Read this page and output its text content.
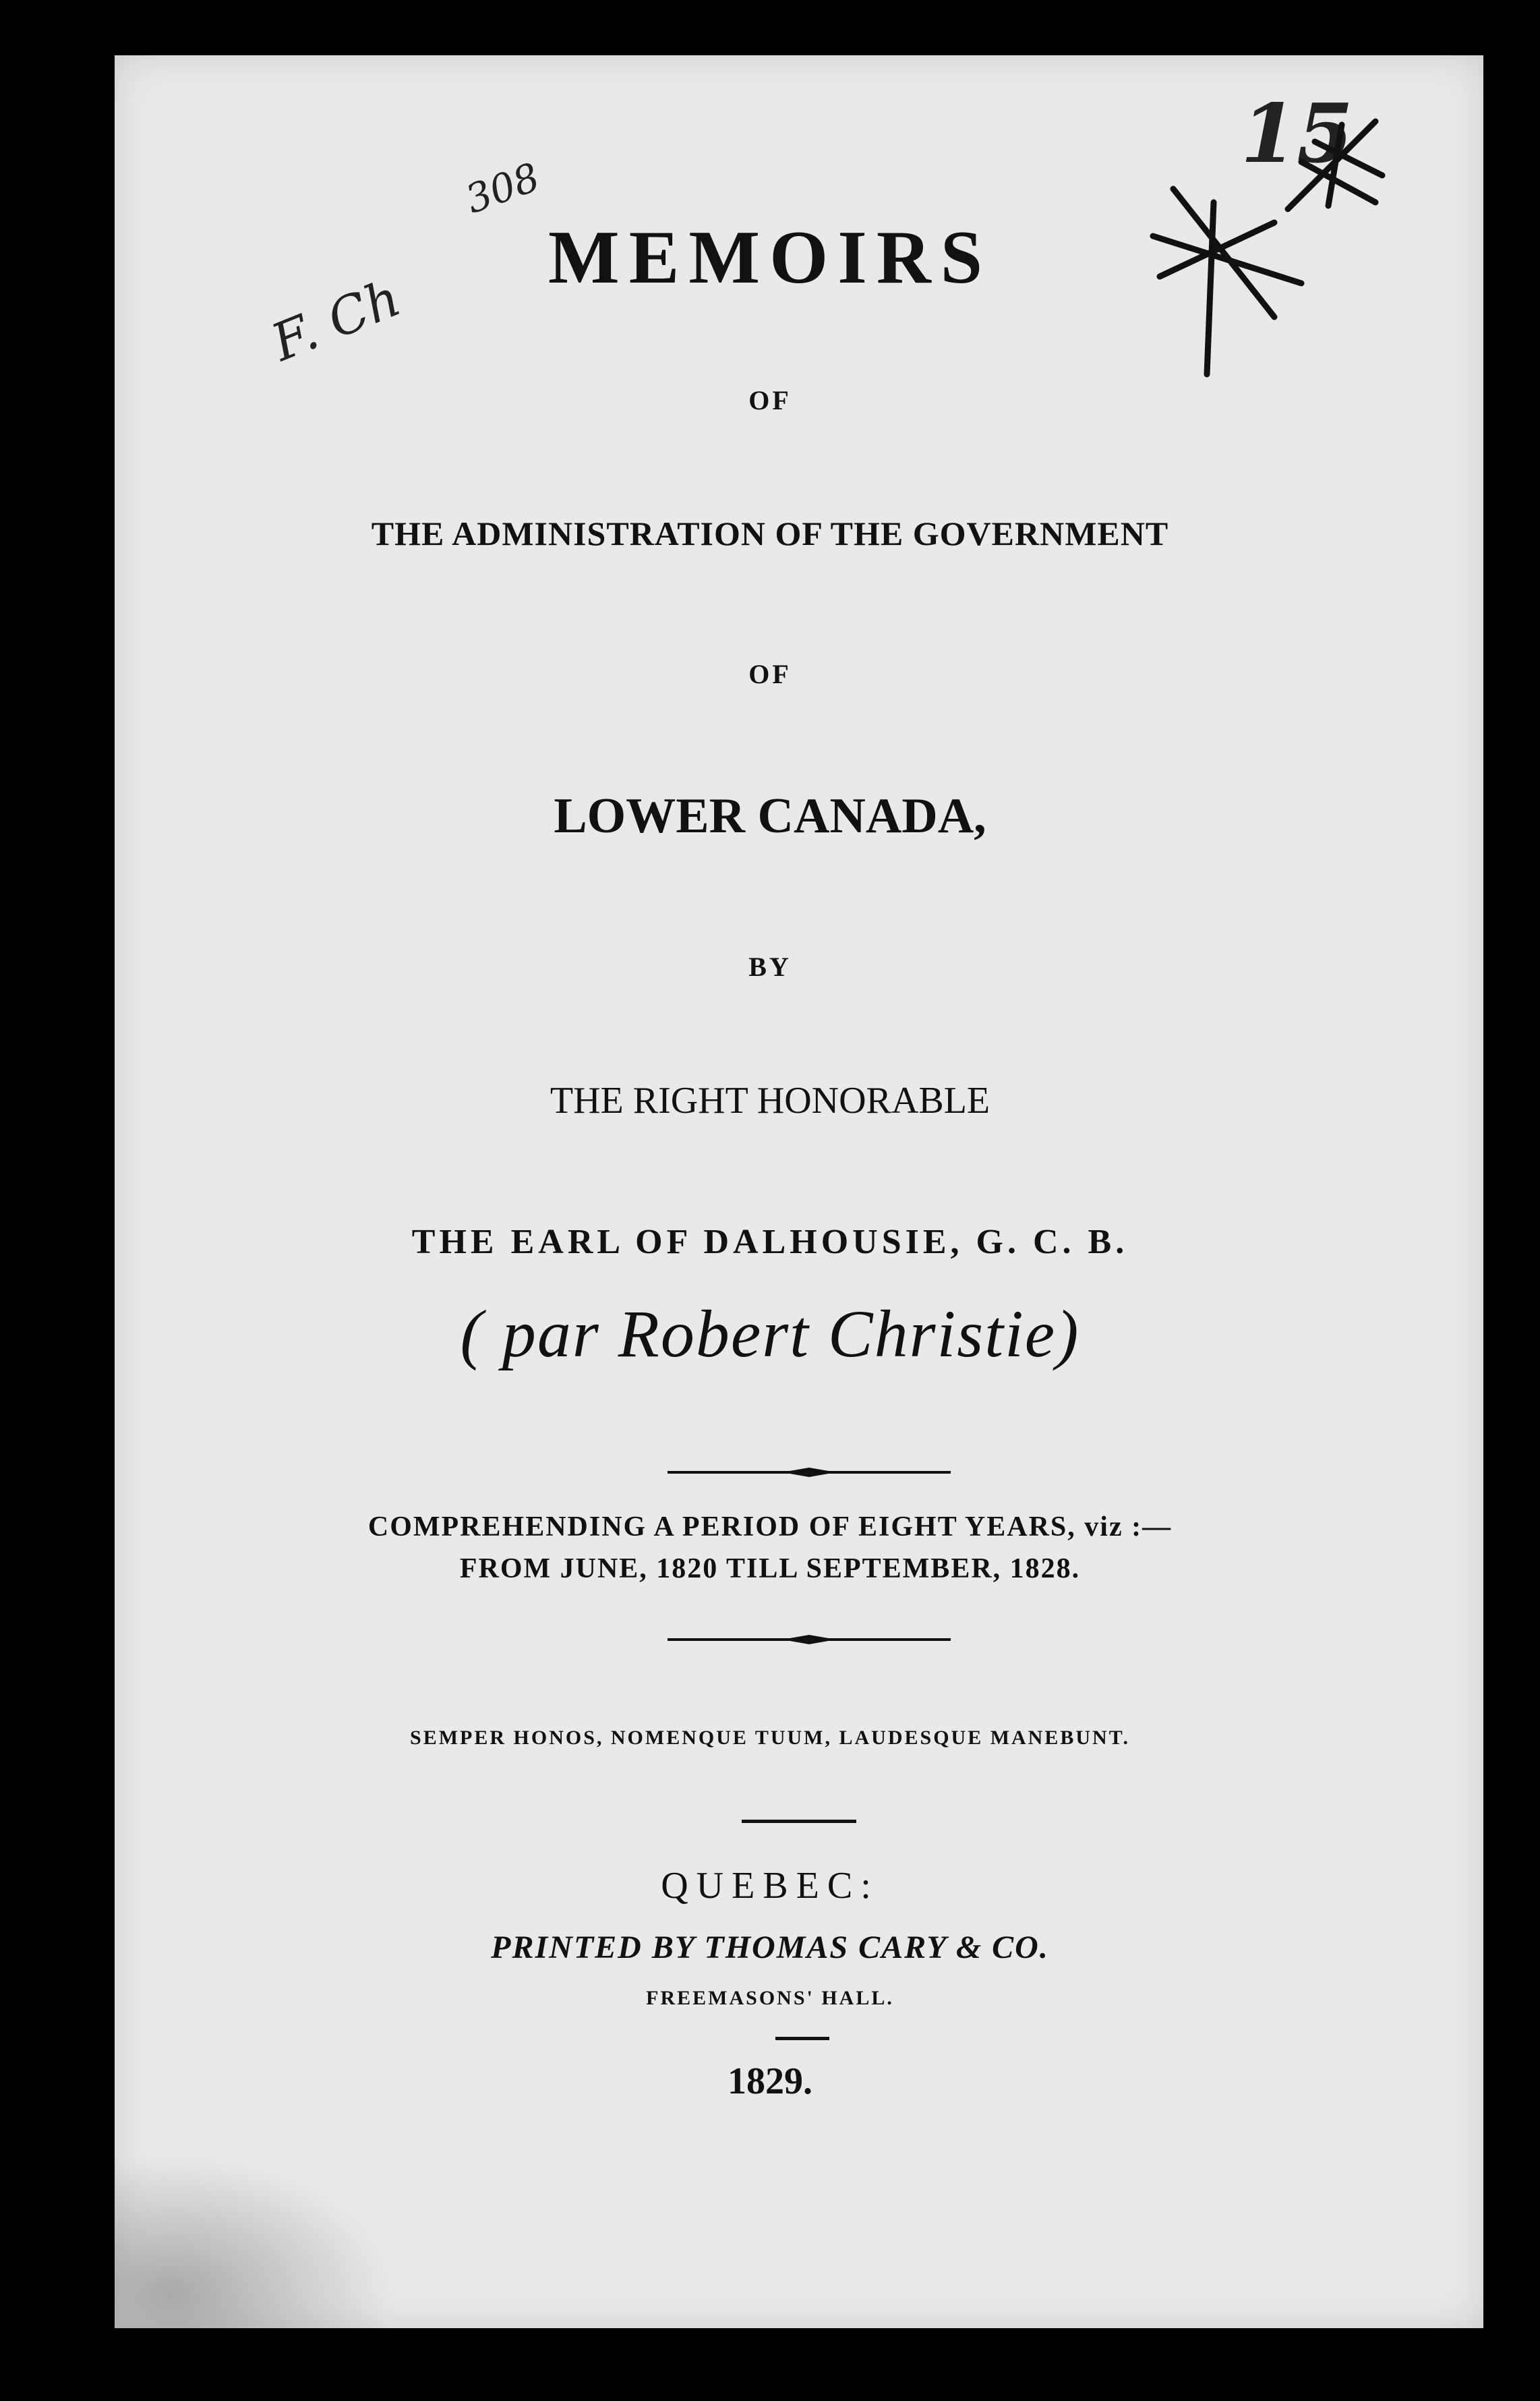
F. Ch
308
15
MEMOIRS
OF
THE ADMINISTRATION OF THE GOVERNMENT
OF
LOWER CANADA,
BY
THE RIGHT HONORABLE
THE EARL OF DALHOUSIE, G. C. B.
( par Robert Christie)
COMPREHENDING A PERIOD OF EIGHT YEARS, viz :—
FROM JUNE, 1820 TILL SEPTEMBER, 1828.
SEMPER HONOS, NOMENQUE TUUM, LAUDESQUE MANEBUNT.
QUEBEC:
PRINTED BY THOMAS CARY & CO.
FREEMASONS' HALL.
1829.
